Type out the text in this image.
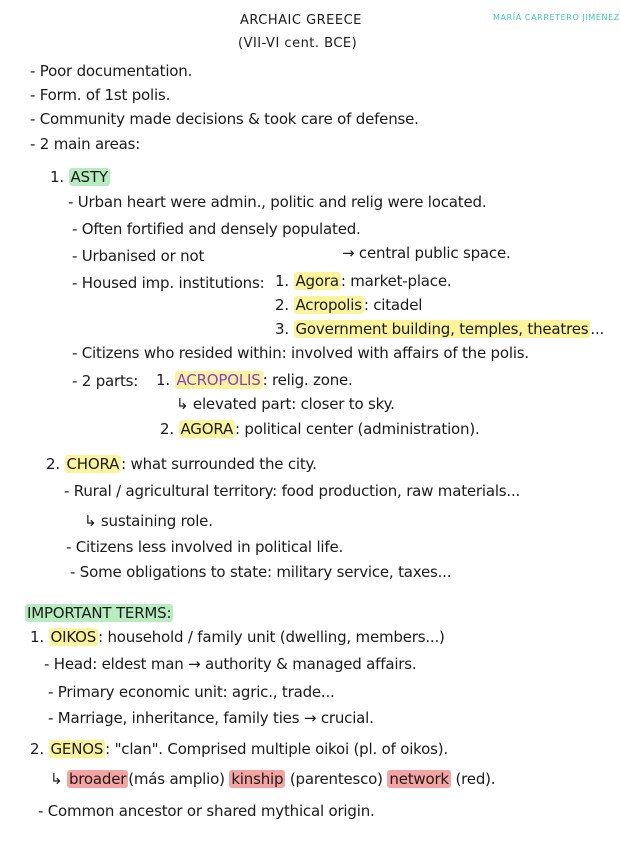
ARCHAIC GREECE
(VII-VI cent. BCE)
MARÍA CARRETERO JIMÉNEZ
- Poor documentation.
- Form. of 1st polis.
- Community made decisions & took care of defense.
- 2 main areas:
1. ASTY
- Urban heart were admin., politic and relig were located.
- Often fortified and densely populated.
- Urbanised or not	→ central public space.
- Housed imp. institutions: 1. Agora : market-place.
2. Acropolis : citadel
3. Government building, temples, theatres ...
- Citizens who resided within: involved with affairs of the polis.
- 2 parts: 1. ACROPOLIS : relig. zone.
↳ elevated part: closer to sky.
2. AGORA : political center (administration).
2. CHORA : what surrounded the city.
- Rural / agricultural territory: food production, raw materials...
↳ sustaining role.
- Citizens less involved in political life.
- Some obligations to state: military service, taxes...
IMPORTANT TERMS:
1. OIKOS : household / family unit (dwelling, members...)
- Head: eldest man → authority & managed affairs.
- Primary economic unit: agric., trade...
- Marriage, inheritance, family ties → crucial.
2. GENOS : "clan". Comprised multiple oikoi (pl. of oikos).
↳ broader (más amplio) kinship (parentesco) network (red).
- Common ancestor or shared mythical origin.
